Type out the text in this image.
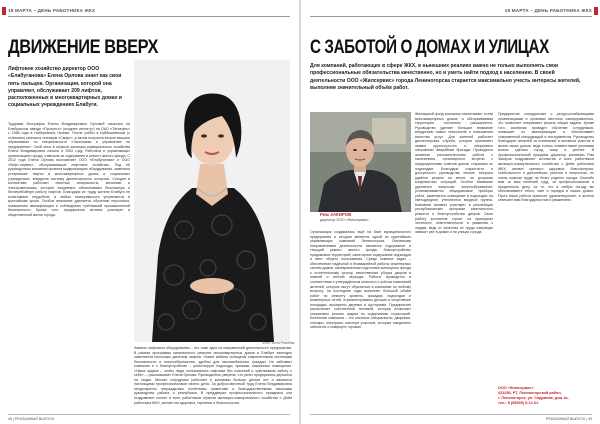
19 МАРТА – ДЕНЬ РАБОТНИКА ЖКХ
ДВИЖЕНИЕ ВВЕРХ
Лифтовое хозяйство директор ООО «Елабуганова» Елена Орлова знает как свои пять пальцев. Организация, которой она управляет, обслуживает 209 лифтов, расположенных в многоквартирных домах и социальных учреждениях Елабуги.
Трудовая биография Елены Владимировны Орловой началась на Елабужском заводе «Прогресс» (позднее институт) на ОАО «Татнефть» с 1986 года в Набережных Челнах. После учёбы в Куйбышевском (с отличием) окончила техникум «Смарт», а затем получила второе высшее образование по специальности «Экономика и управление на предприятии». Свой опыт в отрасли жилищно-коммунального хозяйства Елена Владимировна начала в 2002 году. Работала в управляющих организациях города, отвечала за содержание и ремонт жилого фонда. С 2012 года Елена Орлова возглавляет ООО «Елабуганова» и ООО «Лифт-сервис», обслуживающие лифтовое хозяйство. Под её руководством компания провела модернизацию оборудования, заменила устаревшие лифты в многоквартирных домах и социальных учреждениях, внедрила систему диспетчерского контроля. Сегодня в коллективе работают опытные специалисты, механики и электромеханики, которые ежедневно обеспечивают безопасную и бесперебойную работу лифтов. Благодаря их труду жители Елабуги не испытывают неудобств, а любые неисправности устраняются в кратчайшие сроки. Особое внимание уделяется обучению персонала, повышению квалификации и соблюдению требований промышленной безопасности. Кроме того, предприятие активно участвует в общественной жизни города.
Замена лифтового оборудования – это тоже одно из направлений деятельности предприятия. В рамках программы капитального ремонта многоквартирных домов в Елабуге ежегодно заменяется несколько десятков лифтов. Новые кабины оснащены современными системами безопасности и энергосбережения, удобны для маломобильных граждан. Не забывает компания и о благоустройстве – ремонтирует подъезды, приямки, машинные помещения. «Наша задача – чтобы люди пользовались лифтами без опасений и чувствовали заботу о себе», – рассказывает Елена Орлова. Руководитель уверена, что успех предприятия держится на людях. Многие сотрудники работают в компании больше десяти лет и являются настоящими профессионалами своего дела. За добросовестный труд Елена Владимировна неоднократно награждалась почётными грамотами и благодарственными письмами руководства района и республики. В преддверии профессионального праздника она поздравляет коллег и всех работников отрасли жилищно-коммунального хозяйства с Днём работника ЖКХ, желает им здоровья, терпения и благополучия.
Фото: Инна Ремнёва
48 | РЕКЛАМНЫЙ ВЫПУСК
19 МАРТА – ДЕНЬ РАБОТНИКА ЖКХ
С ЗАБОТОЙ О ДОМАХ И УЛИЦАХ
Для компаний, работающих в сфере ЖКХ, в нынешних реалиях важно не только выполнять свои профессиональные обязательства качественно, но и уметь найти подход к населению. В своей деятельности ООО «Жилсервис» города Лениногорска старается максимально учесть интересы жителей, выполняя значительный объём работ.
Рим ЗАКИРОВ
директор ООО «Жилсервис»
Организация создавалась ещё на базе муниципального предприятия и сегодня является одной из крупнейших управляющих компаний Лениногорска. Основными направлениями деятельности являются содержание и текущий ремонт жилого фонда, благоустройство придомовых территорий, санитарное содержание подъездов и мест общего пользования. Среди главных задач – обеспечение надёжной и безаварийной работы инженерных систем домов, своевременная подготовка жилищного фонда к отопительному сезону, качественная уборка дворов в зимний и летний периоды. Работы проводятся в соответствии с утверждённым планом и с учётом пожеланий жителей, которые могут обратиться в компанию по любому вопросу. За последние годы выполнен большой объём работ по ремонту кровель, фасадов, подъездов и инженерных сетей, отремонтированы детские и спортивные площадки, высажены деревья и кустарники. Предприятие располагает собственной техникой, которая позволяет оперативно решать задачи по содержанию территорий. Коллектив компании – это опытные специалисты, дворники, слесари, электрики, мастера участков, которые ежедневно заботятся о комфорте горожан.
Жилищный фонд компании насчитывает сотни многоквартирных домов, а обслуживаемая территория постоянно расширяется. Руководство уделяет большое внимание внедрению новых технологий и повышению качества услуг. Для жителей работает диспетчерская служба, которая принимает заявки круглосуточно и оперативно направляет аварийные бригады. Проводится активная разъяснительная работа с населением, организуются встречи с председателями советов домов, старшими по подъездам. Благодаря открытости и доступности руководства многие вопросы удаётся решить на месте, не допуская конфликтных ситуаций. Особое внимание уделяется вопросам энергосбережения: устанавливаются общедомовые приборы учёта, заменяется освещение в подъездах на светодиодное, утепляются входные группы. Компания активно участвует в реализации республиканских программ капитального ремонта и благоустройства дворов. Свою работу коллектив строит на принципах честности, ответственности и уважения к людям, ведь от качества их труда напрямую зависит уют в домах и на улицах города.
Предприятие сотрудничает с ресурсоснабжающими организациями и органами местного самоуправления, что позволяет оперативно решать общие задачи. Кроме того, компания проводит обучение сотрудников, повышает их квалификацию и обеспечивает современной спецодеждой и инструментом. Руководство благодарит жителей за понимание и активное участие в жизни своих домов, ведь только совместными усилиями можно сделать город чище и уютнее. В профессиональный праздник директор компании Рим Закиров поздравляет коллектив и всех работников жилищно-коммунального хозяйства с Днём работника ЖКХ, желает крепкого здоровья, благополучия, стабильности и дальнейших успехов в непростом, но очень нужном труде на благо родного города. Спасибо вам за ваш нелёгкий труд, за профессионализм и преданность делу, за то, что в любую погоду вы обеспечиваете тепло, свет и порядок в наших домах. Пусть ваша работа приносит удовлетворение, а жители отвечают вам благодарностью и уважением.
ООО «Жилсервис»
423250, РТ, Лениногорский район,
г. Лениногорск, ул. Садриева, дом 1а,
тел.: 8 (85595) 5-12-61.
РЕКЛАМНЫЙ ВЫПУСК | 49
